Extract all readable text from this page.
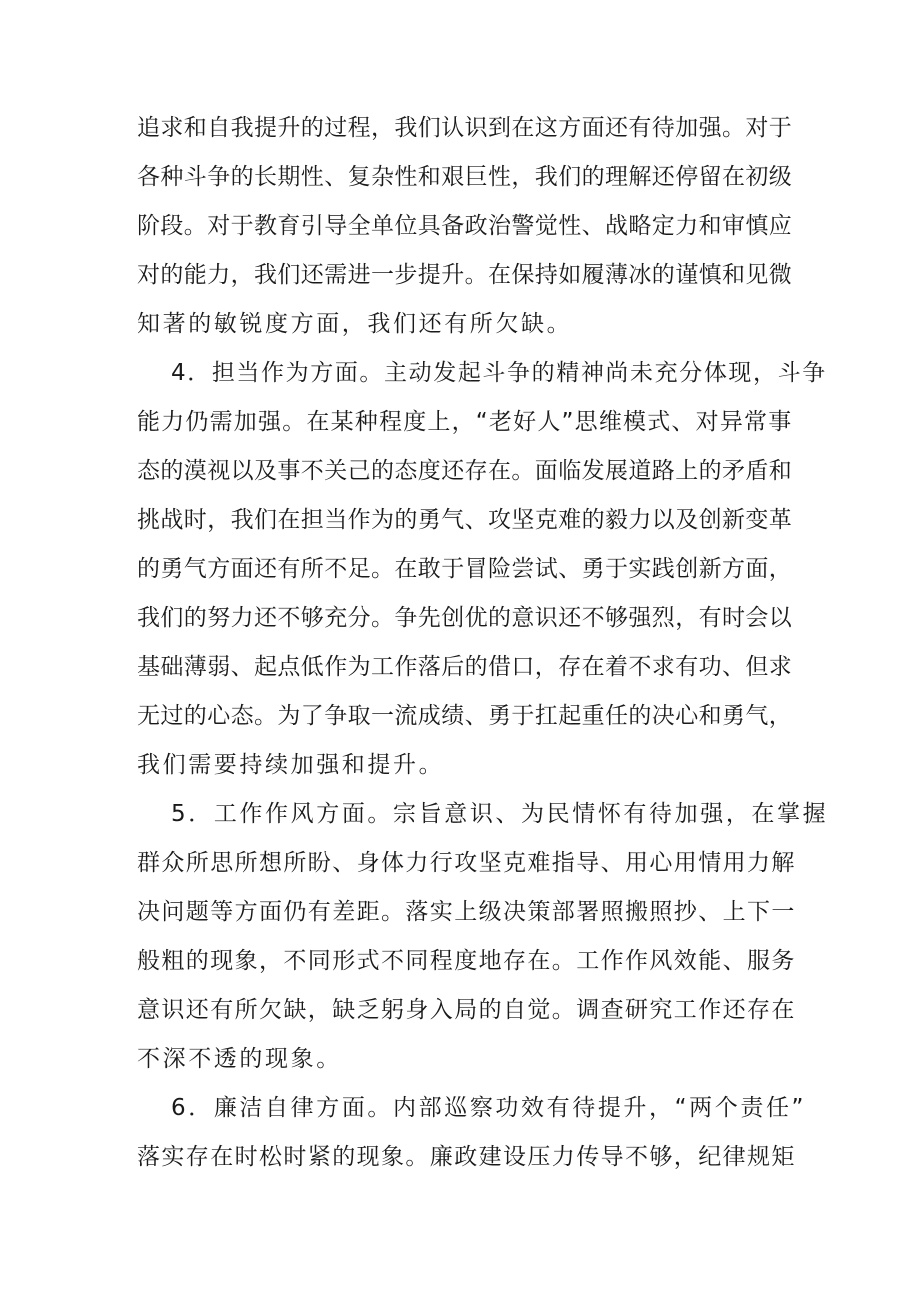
追求和自我提升的过程，我们认识到在这方面还有待加强。对于
各种斗争的长期性、复杂性和艰巨性，我们的理解还停留在初级
阶段。对于教育引导全单位具备政治警觉性、战略定力和审慎应
对的能力，我们还需进一步提升。在保持如履薄冰的谨慎和见微
知著的敏锐度方面，我们还有所欠缺。
4．担当作为方面。主动发起斗争的精神尚未充分体现，斗争
能力仍需加强。在某种程度上，“老好人”思维模式、对异常事
态的漠视以及事不关己的态度还存在。面临发展道路上的矛盾和
挑战时，我们在担当作为的勇气、攻坚克难的毅力以及创新变革
的勇气方面还有所不足。在敢于冒险尝试、勇于实践创新方面，
我们的努力还不够充分。争先创优的意识还不够强烈，有时会以
基础薄弱、起点低作为工作落后的借口，存在着不求有功、但求
无过的心态。为了争取一流成绩、勇于扛起重任的决心和勇气，
我们需要持续加强和提升。
5．工作作风方面。宗旨意识、为民情怀有待加强，在掌握
群众所思所想所盼、身体力行攻坚克难指导、用心用情用力解
决问题等方面仍有差距。落实上级决策部署照搬照抄、上下一
般粗的现象，不同形式不同程度地存在。工作作风效能、服务
意识还有所欠缺，缺乏躬身入局的自觉。调查研究工作还存在
不深不透的现象。
6．廉洁自律方面。内部巡察功效有待提升，“两个责任”
落实存在时松时紧的现象。廉政建设压力传导不够，纪律规矩
